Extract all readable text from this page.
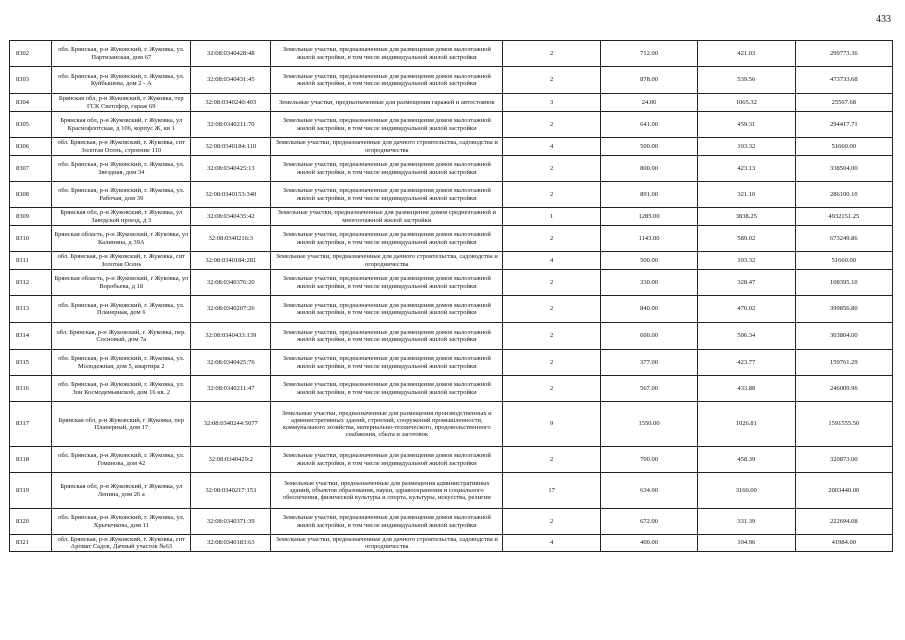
433
8302	обл. Брянская, р-н Жуковский, г. Жуковка, ул. Партизанская, дом 67	32:08:0340428:48	Земельные участки, предназначенные для размещения домов малоэтажной жилой застройки, в том числе индивидуальной жилой застройки	2	712.00	421.03	299773.36
8303	обл. Брянская, р-н Жуковский, г. Жуковка, ул. Куйбышева, дом 2 - А	32:08:0340431:45	Земельные участки, предназначенные для размещения домов малоэтажной жилой застройки, в том числе индивидуальной жилой застройки	2	878.00	539.56	473733.68
8304	Брянская обл, р-н Жуковский, г Жуковка, тер ГСК Светофор, гараж 69	32:08:0340240:403	Земельные участки, предназначенные для размещения гаражей и автостоянок	3	24.00	1065.32	25567.68
8305	Брянская обл, р-н Жуковский, г Жуковка, ул Краснофлотская, д 106, корпус Ж, кв 1	32:08:0340211:70	Земельные участки, предназначенные для размещения домов малоэтажной жилой застройки, в том числе индивидуальной жилой застройки	2	641.00	459.31	294417.71
8306	обл. Брянская, р-н Жуковский, г. Жуковка, снт Золотая Осень, строение 110	32:08:0340184:110	Земельные участки, предназначенные для дачного строительства, садоводства и огородничества	4	500.00	103.32	51660.00
8307	обл. Брянская, р-н Жуковский, г. Жуковка, ул. Звездная, дом 34	32:08:0340425:13	Земельные участки, предназначенные для размещения домов малоэтажной жилой застройки, в том числе индивидуальной жилой застройки	2	800.00	423.13	338504.00
8308	обл. Брянская, р-н Жуковский, г. Жуковка, ул. Рабочая, дом 39	32:08:0340153:340	Земельные участки, предназначенные для размещения домов малоэтажной жилой застройки, в том числе индивидуальной жилой застройки	2	891.00	321.10	286100.10
8309	Брянская обл, р-н Жуковский, г Жуковка, ул Заводской проезд, д 3	32:08:0340435:42	Земельные участки, предназначенные для размещения домов среднеэтажной и многоэтажной жилой застройки	1	1285.00	3838.25	4932151.25
8310	Брянская область, р-н Жуковский, г Жуковка, ул Калинина, д 39А	32:08:0340216:3	Земельные участки, предназначенные для размещения домов малоэтажной жилой застройки, в том числе индивидуальной жилой застройки	2	1143.00	589.02	673249.86
8311	обл. Брянская, р-н Жуковский, г. Жуковка, снт Золотая Осень	32:08:0340184:281	Земельные участки, предназначенные для дачного строительства, садоводства и огородничества	4	500.00	103.32	51660.00
8312	Брянская область, р-н Жуковский, г Жуковка, ул Воробьева, д 18	32:08:0340376:20	Земельные участки, предназначенные для размещения домов малоэтажной жилой застройки, в том числе индивидуальной жилой застройки	2	330.00	328.47	108395.10
8313	обл. Брянская, р-н Жуковский, г. Жуковка, ул. Планерная, дом 6	32:08:0340207:26	Земельные участки, предназначенные для размещения домов малоэтажной жилой застройки, в том числе индивидуальной жилой застройки	2	840.00	476.02	399856.80
8314	обл. Брянская, р-н Жуковский, г. Жуковка, пер. Сосновый, дом 7а	32:08:0340433:139	Земельные участки, предназначенные для размещения домов малоэтажной жилой застройки, в том числе индивидуальной жилой застройки	2	600.00	506.34	303804.00
8315	обл. Брянская, р-н Жуковский, г. Жуковка, ул. Молодежная, дом 5, квартира 2	32:08:0340425:76	Земельные участки, предназначенные для размещения домов малоэтажной жилой застройки, в том числе индивидуальной жилой застройки	2	377.00	423.77	159761.29
8316	обл. Брянская, р-н Жуковский, г. Жуковка, ул. Зои Космодемьянской, дом 16 кв. 2	32:08:0340211:47	Земельные участки, предназначенные для размещения домов малоэтажной жилой застройки, в том числе индивидуальной жилой застройки	2	567.00	433.88	246009.96
8317	Брянская обл, р-н Жуковский, г Жуковка, пер Планерный, дом 17	32:08:0340244:5077	Земельные участки, предназначенные для размещения производственных и административных зданий, строений, сооружений промышленности, коммунального хозяйства, материально-технического, продовольственного снабжения, сбыта и заготовок	9	1550.00	1026.81	1591555.50
8318	обл. Брянская, р-н Жуковский, г. Жуковка, ул. Гоманова, дом 42	32:08:0340429:2	Земельные участки, предназначенные для размещения домов малоэтажной жилой застройки, в том числе индивидуальной жилой застройки	2	700.00	458.39	320873.00
8319	Брянская обл, р-н Жуковский, г Жуковка, ул Ленина, дом 26 а	32:08:0340217:153	Земельные участки, предназначенные для размещения административных зданий, объектов образования, науки, здравоохранения и социального обеспечения, физической культуры и спорта, культуры, искусства, религии	17	634.00	3160.00	2003440.00
8320	обл. Брянская, р-н Жуковский, г. Жуковка, ул. Хрычечкова, дом 11	32:08:0340371:39	Земельные участки, предназначенные для размещения домов малоэтажной жилой застройки, в том числе индивидуальной жилой застройки	2	672.00	331.39	222694.08
8321	обл. Брянская, р-н Жуковский, г. Жуковка, снт Аромат Садов, Дачный участок №63	32:08:0340183:63	Земельные участки, предназначенные для дачного строительства, садоводства и огородничества	4	400.00	104.96	41984.00
